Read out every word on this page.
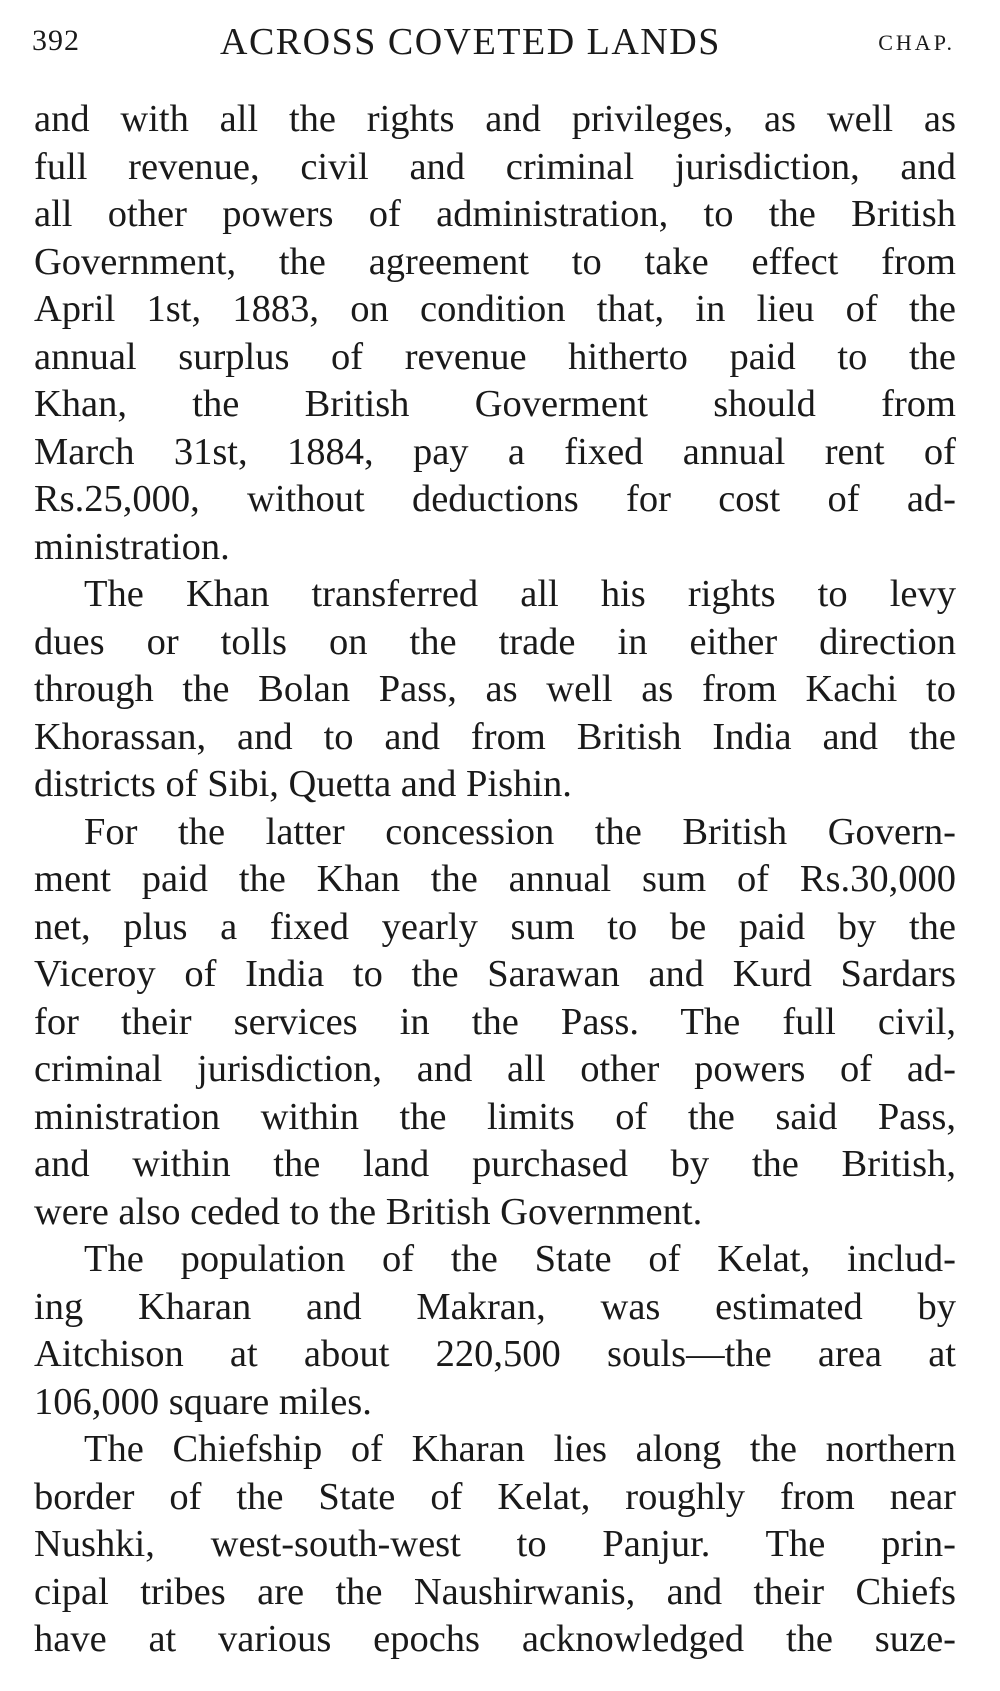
392	ACROSS COVETED LANDS	CHAP.
and with all the rights and privileges, as well as
full revenue, civil and criminal jurisdiction, and
all other powers of administration, to the British
Government, the agreement to take effect from
April 1st, 1883, on condition that, in lieu of the
annual surplus of revenue hitherto paid to the
Khan, the British Goverment should from
March 31st, 1884, pay a fixed annual rent of
Rs.25,000, without deductions for cost of ad-
ministration.
The Khan transferred all his rights to levy
dues or tolls on the trade in either direction
through the Bolan Pass, as well as from Kachi to
Khorassan, and to and from British India and the
districts of Sibi, Quetta and Pishin.
For the latter concession the British Govern-
ment paid the Khan the annual sum of Rs.30,000
net, plus a fixed yearly sum to be paid by the
Viceroy of India to the Sarawan and Kurd Sardars
for their services in the Pass. The full civil,
criminal jurisdiction, and all other powers of ad-
ministration within the limits of the said Pass,
and within the land purchased by the British,
were also ceded to the British Government.
The population of the State of Kelat, includ-
ing Kharan and Makran, was estimated by
Aitchison at about 220,500 souls—the area at
106,000 square miles.
The Chiefship of Kharan lies along the northern
border of the State of Kelat, roughly from near
Nushki, west-south-west to Panjur. The prin-
cipal tribes are the Naushirwanis, and their Chiefs
have at various epochs acknowledged the suze-
